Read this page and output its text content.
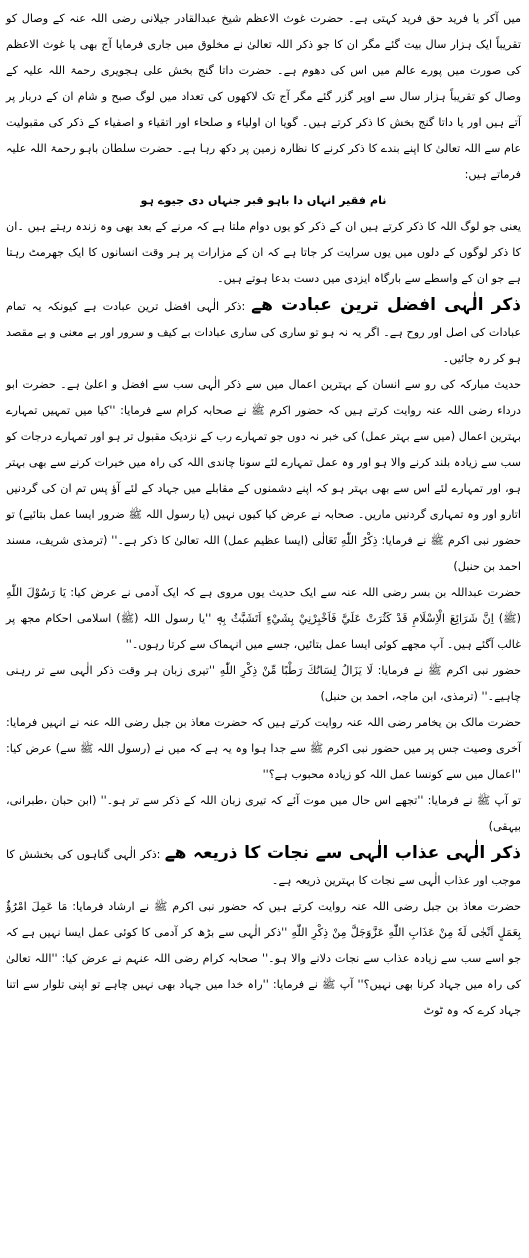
میں آکر یا فرید حق فرید کہتی ہے۔ حضرت غوث الاعظم شیخ عبدالقادر جیلانی رضی اللہ عنہ کے وصال کو تقریباً ایک ہزار سال بیت گئے مگر ان کا جو ذکر اللہ تعالیٰ نے مخلوق میں جاری فرمایا آج بھی یا غوث الاعظم کی صورت میں پورے عالم میں اس کی دھوم ہے۔ حضرت داتا گنج بخش علی ہجویری رحمۃ اللہ علیہ کے وصال کو تقریباً ہزار سال سے اوپر گزر گئے مگر آج تک لاکھوں کی تعداد میں لوگ صبح و شام ان کے دربار پر آتے ہیں اور یا داتا گنج بخش کا ذکر کرتے ہیں۔ گویا ان اولیاء و صلحاء اور اتقیاء و اصفیاء کے ذکر کی مقبولیت عام سے اللہ تعالیٰ کا اپنے بندے کا ذکر کرنے کا نظارہ زمین پر دکھ رہا ہے۔ حضرت سلطان باہو رحمۃ اللہ علیہ فرماتے ہیں:

نام فقیر انہاں دا باہو قبر جنہاں دی جیوے ہو

یعنی جو لوگ اللہ کا ذکر کرتے ہیں ان کے ذکر کو یوں دوام ملتا ہے کہ مرنے کے بعد بھی وہ زندہ رہتے ہیں ۔ان کا ذکر لوگوں کے دلوں میں یوں سرایت کر جاتا ہے کہ ان کے مزارات پر ہر وقت انسانوں کا ایک جھرمٹ رہتا ہے جو ان کے واسطے سے بارگاہ ایزدی میں دست بدعا ہوتے ہیں۔

ذکر الٰہی افضل ترین عبادت ھے :ذکر الٰہی افضل ترین عبادت ہے کیونکہ یہ تمام عبادات کی اصل اور روح ہے۔ اگر یہ نہ ہو تو ساری کی ساری عبادات بے کیف و سرور اور بے معنی و بے مقصد ہو کر رہ جائیں۔

حدیث مبارکہ کی رو سے انسان کے بہترین اعمال میں سے ذکر الٰہی سب سے افضل و اعلیٰ ہے۔ حضرت ابو درداء رضی اللہ عنہ روایت کرتے ہیں کہ حضور اکرم ﷺ نے صحابہ کرام سے فرمایا: ''کیا میں تمہیں تمہارے بہترین اعمال (میں سے بہتر عمل) کی خبر نہ دوں جو تمہارے رب کے نزدیک مقبول تر ہو اور تمہارے درجات کو سب سے زیادہ بلند کرنے والا ہو اور وہ عمل تمہارے لئے سونا چاندی اللہ کی راہ میں خیرات کرنے سے بھی بہتر ہو، اور تمہارے لئے اس سے بھی بہتر ہو کہ اپنے دشمنوں کے مقابلے میں جہاد کے لئے آؤ پس تم ان کی گردنیں اتارو اور وہ تمہاری گردنیں ماریں۔ صحابہ نے عرض کیا کیوں نہیں (یا رسول اللہ ﷺ ضرور ایسا عمل بتائیے) تو حضور نبی اکرم ﷺ نے فرمایا: ذِكْرُ اللّٰهِ تَعَالٰى (ایسا عظیم عمل) اللہ تعالیٰ کا ذکر ہے۔'' (ترمذی شریف، مسند احمد بن حنبل)

حضرت عبداللہ بن بسر رضی اللہ عنہ سے ایک حدیث یوں مروی ہے کہ ایک آدمی نے عرض کیا: يَا رَسُوْلَ اللّٰهِ (ﷺ) اِنَّ شَرَائِعَ الْاِسْلَامِ قَدْ كَثُرَتْ عَلَيَّ فَاَخْبِرْنِيْ بِشَيْءٍ اَتَشَبَّثُ بِهٖ ''یا رسول اللہ (ﷺ) اسلامی احکام مجھ پر غالب آگئے ہیں۔ آپ مجھے کوئی ایسا عمل بتائیں، جسے میں انہماک سے کرتا رہوں۔''

حضور نبی اکرم ﷺ نے فرمایا: لَا يَزَالُ لِسَانُكَ رَطْبًا مِّنْ ذِكْرِ اللّٰهِ ''تیری زبان ہر وقت ذکر الٰہی سے تر رہنی چاہیے۔'' (ترمذی، ابن ماجہ، احمد بن حنبل)

حضرت مالک بن یخامر رضی اللہ عنہ روایت کرتے ہیں کہ حضرت معاذ بن جبل رضی اللہ عنہ نے انہیں فرمایا: آخری وصیت جس پر میں حضور نبی اکرم ﷺ سے جدا ہوا وہ یہ ہے کہ میں نے (رسول اللہ ﷺ سے) عرض کیا: ''اعمال میں سے کونسا عمل اللہ کو زیادہ محبوب ہے؟''

تو آپ ﷺ نے فرمایا: ''تجھے اس حال میں موت آئے کہ تیری زبان اللہ کے ذکر سے تر ہو۔'' (ابن حبان ،طبرانی، بیہقی)

ذکر الٰہی عذاب الٰہی سے نجات کا ذریعہ ھے :ذکر الٰہی گناہوں کی بخشش کا موجب اور عذاب الٰہی سے نجات کا بہترین ذریعہ ہے۔

حضرت معاذ بن جبل رضی اللہ عنہ روایت کرتے ہیں کہ حضور نبی اکرم ﷺ نے ارشاد فرمایا: مَا عَمِلَ امْرُؤٌ بِعَمَلٍ اَنْجٰى لَهٗ مِنْ عَذَابِ اللّٰهِ عَزَّوَجَلَّ مِنْ ذِكْرِ اللّٰهِ ''ذکر الٰہی سے بڑھ کر آدمی کا کوئی عمل ایسا نہیں ہے کہ جو اسے سب سے زیادہ عذاب سے نجات دلانے والا ہو۔'' صحابہ کرام رضی اللہ عنہم نے عرض کیا: ''اللہ تعالیٰ کی راہ میں جہاد کرنا بھی نہیں؟'' آپ ﷺ نے فرمایا: ''راہ خدا میں جہاد بھی نہیں چاہے تو اپنی تلوار سے اتنا جہاد کرے کہ وہ ٹوٹ
